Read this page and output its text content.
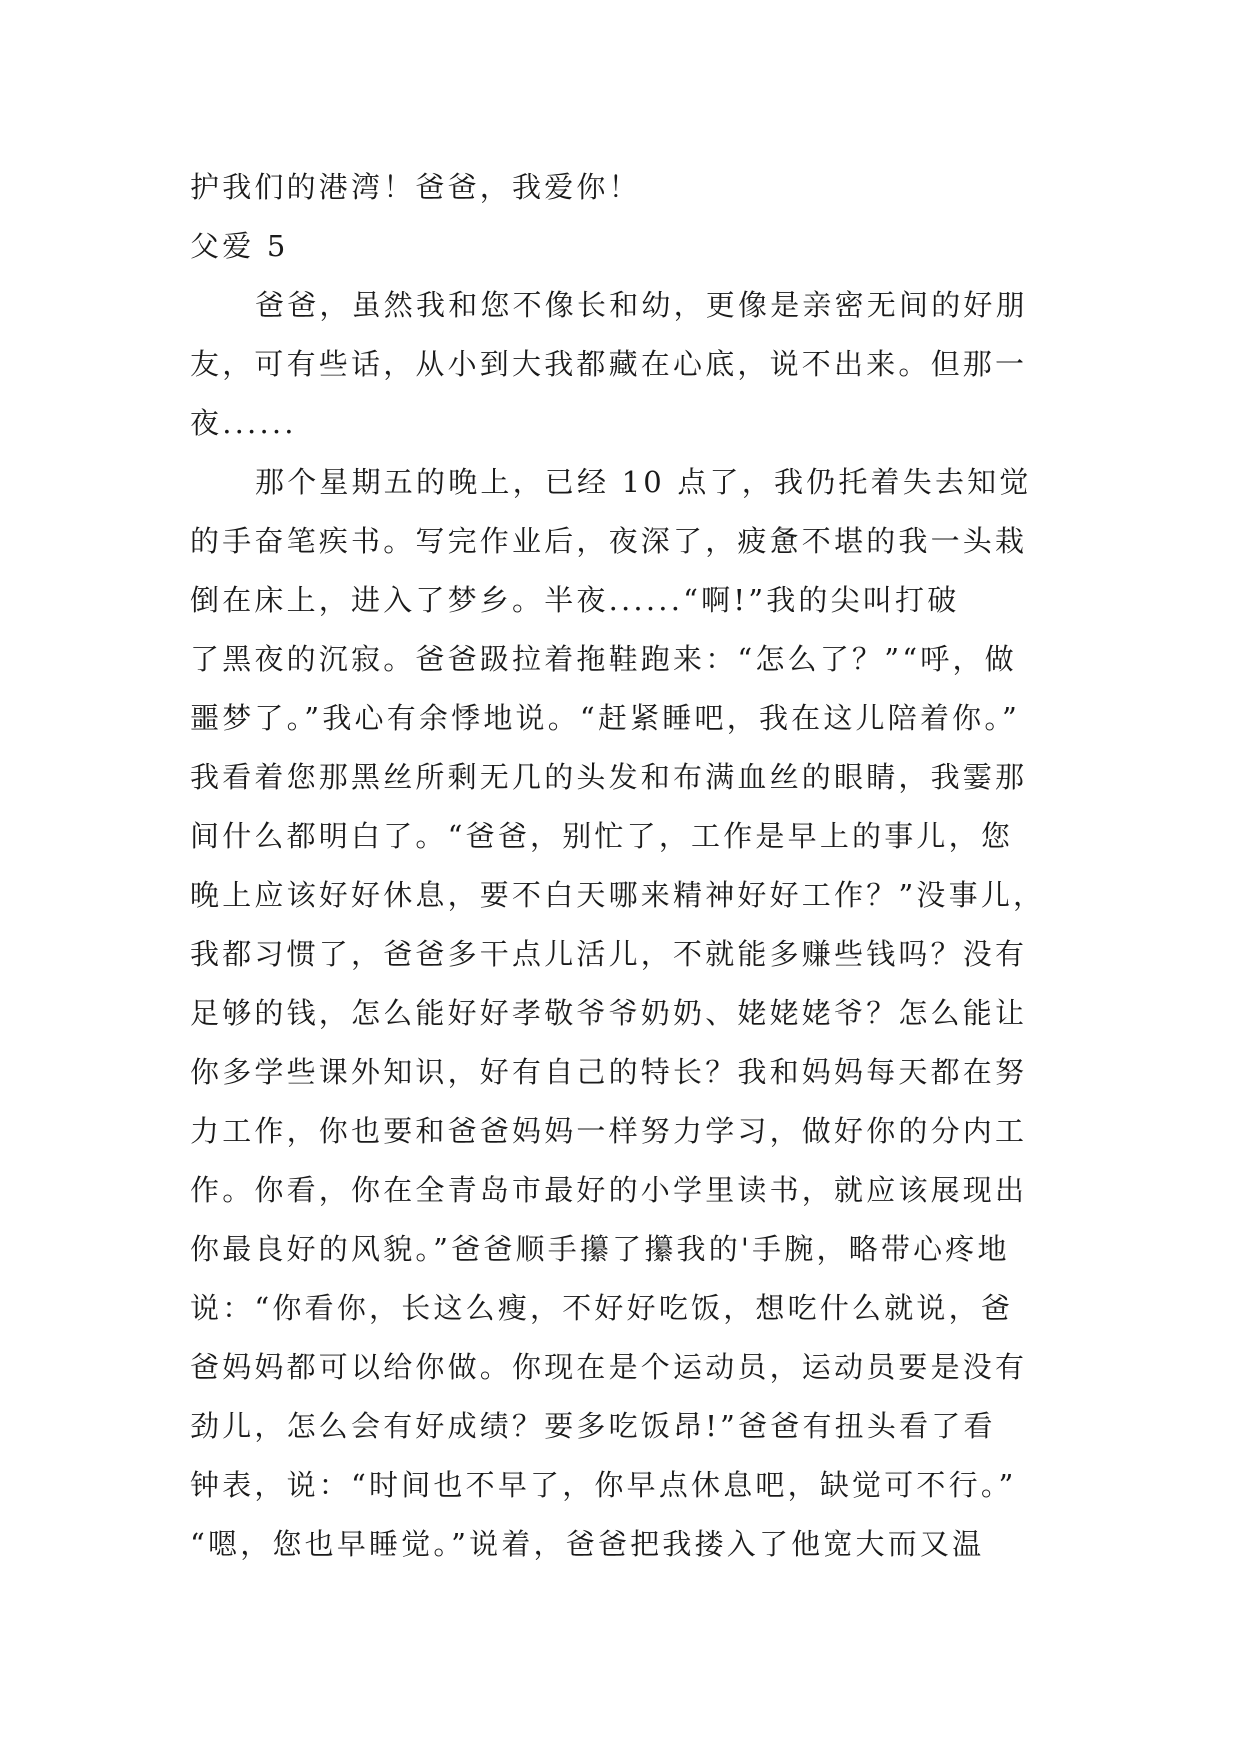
护我们的港湾！爸爸，我爱你！
父爱 5
爸爸，虽然我和您不像长和幼，更像是亲密无间的好朋
友，可有些话，从小到大我都藏在心底，说不出来。但那一
夜......
那个星期五的晚上，已经 10 点了，我仍托着失去知觉
的手奋笔疾书。写完作业后，夜深了，疲惫不堪的我一头栽
倒在床上，进入了梦乡。半夜......“啊!”我的尖叫打破
了黑夜的沉寂。爸爸趿拉着拖鞋跑来：“怎么了？”“呼，做
噩梦了。”我心有余悸地说。“赶紧睡吧，我在这儿陪着你。”
我看着您那黑丝所剩无几的头发和布满血丝的眼睛，我霎那
间什么都明白了。“爸爸，别忙了，工作是早上的事儿，您
晚上应该好好休息，要不白天哪来精神好好工作？”没事儿，
我都习惯了，爸爸多干点儿活儿，不就能多赚些钱吗？没有
足够的钱，怎么能好好孝敬爷爷奶奶、姥姥姥爷？怎么能让
你多学些课外知识，好有自己的特长？我和妈妈每天都在努
力工作，你也要和爸爸妈妈一样努力学习，做好你的分内工
作。你看，你在全青岛市最好的小学里读书，就应该展现出
你最良好的风貌。”爸爸顺手攥了攥我的'手腕，略带心疼地
说：“你看你，长这么瘦，不好好吃饭，想吃什么就说，爸
爸妈妈都可以给你做。你现在是个运动员，运动员要是没有
劲儿，怎么会有好成绩？要多吃饭昂!”爸爸有扭头看了看
钟表，说：“时间也不早了，你早点休息吧，缺觉可不行。”
“嗯，您也早睡觉。”说着，爸爸把我搂入了他宽大而又温
